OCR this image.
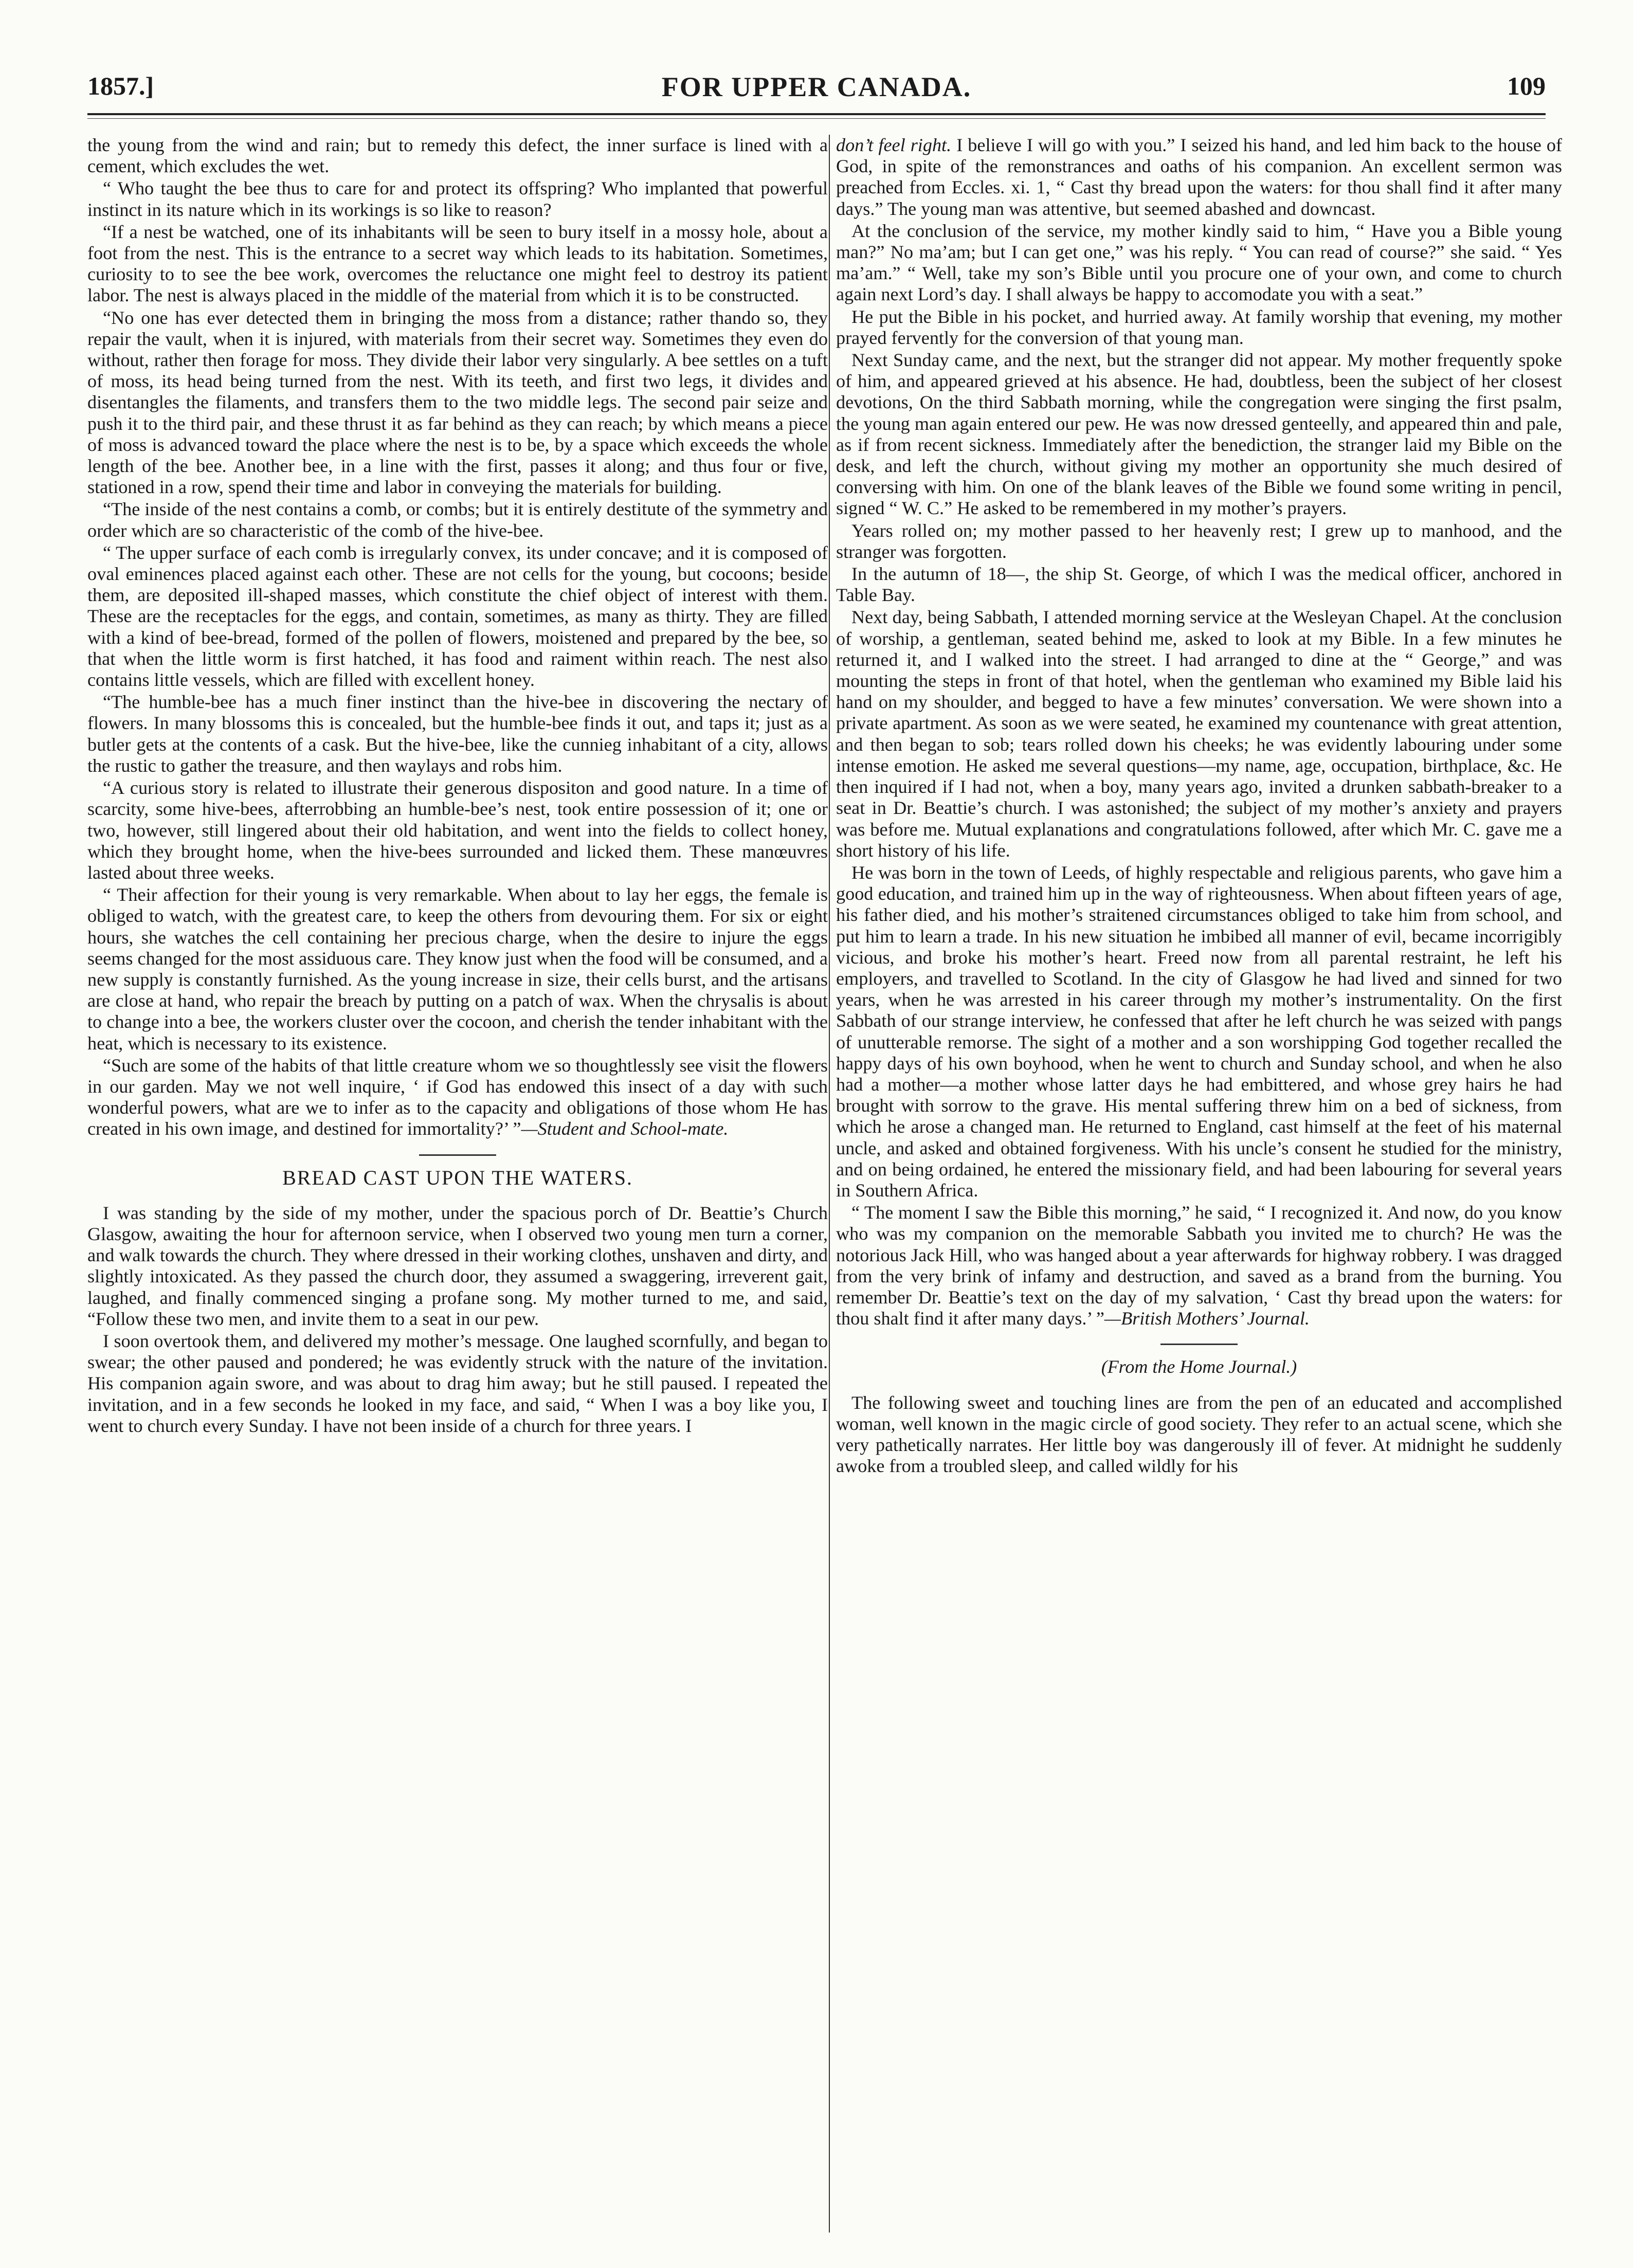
1857.]	FOR UPPER CANADA.	109

the young from the wind and rain; but to remedy this defect, the inner surface is lined with a cement, which excludes the wet.

“ Who taught the bee thus to care for and protect its offspring? Who implanted that powerful instinct in its nature which in its workings is so like to reason?

“If a nest be watched, one of its inhabitants will be seen to bury itself in a mossy hole, about a foot from the nest. This is the entrance to a secret way which leads to its habitation. Sometimes, curiosity to to see the bee work, overcomes the reluctance one might feel to destroy its patient labor. The nest is always placed in the middle of the material from which it is to be constructed.

“No one has ever detected them in bringing the moss from a distance; rather thando so, they repair the vault, when it is injured, with materials from their secret way. Sometimes they even do without, rather then forage for moss. They divide their labor very singularly. A bee settles on a tuft of moss, its head being turned from the nest. With its teeth, and first two legs, it divides and disentangles the filaments, and transfers them to the two middle legs. The second pair seize and push it to the third pair, and these thrust it as far behind as they can reach; by which means a piece of moss is advanced toward the place where the nest is to be, by a space which exceeds the whole length of the bee. Another bee, in a line with the first, passes it along; and thus four or five, stationed in a row, spend their time and labor in conveying the materials for building.

“The inside of the nest contains a comb, or combs; but it is entirely destitute of the symmetry and order which are so characteristic of the comb of the hive-bee.

“ The upper surface of each comb is irregularly convex, its under concave; and it is composed of oval eminences placed against each other. These are not cells for the young, but cocoons; beside them, are deposited ill-shaped masses, which constitute the chief object of interest with them. These are the receptacles for the eggs, and contain, sometimes, as many as thirty. They are filled with a kind of bee-bread, formed of the pollen of flowers, moistened and prepared by the bee, so that when the little worm is first hatched, it has food and raiment within reach. The nest also contains little vessels, which are filled with excellent honey.

“The humble-bee has a much finer instinct than the hive-bee in discovering the nectary of flowers. In many blossoms this is concealed, but the humble-bee finds it out, and taps it; just as a butler gets at the contents of a cask. But the hive-bee, like the cunnieg inhabitant of a city, allows the rustic to gather the treasure, and then waylays and robs him.

“A curious story is related to illustrate their generous dispositon and good nature. In a time of scarcity, some hive-bees, afterrobbing an humble-bee’s nest, took entire possession of it; one or two, however, still lingered about their old habitation, and went into the fields to collect honey, which they brought home, when the hive-bees surrounded and licked them. These manœuvres lasted about three weeks.

“ Their affection for their young is very remarkable. When about to lay her eggs, the female is obliged to watch, with the greatest care, to keep the others from devouring them. For six or eight hours, she watches the cell containing her precious charge, when the desire to injure the eggs seems changed for the most assiduous care. They know just when the food will be consumed, and a new supply is constantly furnished. As the young increase in size, their cells burst, and the artisans are close at hand, who repair the breach by putting on a patch of wax. When the chrysalis is about to change into a bee, the workers cluster over the cocoon, and cherish the tender inhabitant with the heat, which is necessary to its existence.

“Such are some of the habits of that little creature whom we so thoughtlessly see visit the flowers in our garden. May we not well inquire, ‘ if God has endowed this insect of a day with such wonderful powers, what are we to infer as to the capacity and obligations of those whom He has created in his own image, and destined for immortality?’ ”—Student and School-mate.

BREAD CAST UPON THE WATERS.

I was standing by the side of my mother, under the spacious porch of Dr. Beattie’s Church Glasgow, awaiting the hour for afternoon service, when I observed two young men turn a corner, and walk towards the church. They where dressed in their working clothes, unshaven and dirty, and slightly intoxicated. As they passed the church door, they assumed a swaggering, irreverent gait, laughed, and finally commenced singing a profane song. My mother turned to me, and said, “Follow these two men, and invite them to a seat in our pew.

I soon overtook them, and delivered my mother’s message. One laughed scornfully, and began to swear; the other paused and pondered; he was evidently struck with the nature of the invitation. His companion again swore, and was about to drag him away; but he still paused. I repeated the invitation, and in a few seconds he looked in my face, and said, “ When I was a boy like you, I went to church every Sunday. I have not been inside of a church for three years. I

don’t feel right. I believe I will go with you.” I seized his hand, and led him back to the house of God, in spite of the remonstrances and oaths of his companion. An excellent sermon was preached from Eccles. xi. 1, “ Cast thy bread upon the waters: for thou shall find it after many days.” The young man was attentive, but seemed abashed and downcast.

At the conclusion of the service, my mother kindly said to him, “ Have you a Bible young man?” No ma’am; but I can get one,” was his reply. “ You can read of course?” she said. “ Yes ma’am.” “ Well, take my son’s Bible until you procure one of your own, and come to church again next Lord’s day. I shall always be happy to accomodate you with a seat.”

He put the Bible in his pocket, and hurried away. At family worship that evening, my mother prayed fervently for the conversion of that young man.

Next Sunday came, and the next, but the stranger did not appear. My mother frequently spoke of him, and appeared grieved at his absence. He had, doubtless, been the subject of her closest devotions, On the third Sabbath morning, while the congregation were singing the first psalm, the young man again entered our pew. He was now dressed genteelly, and appeared thin and pale, as if from recent sickness. Immediately after the benediction, the stranger laid my Bible on the desk, and left the church, without giving my mother an opportunity she much desired of conversing with him. On one of the blank leaves of the Bible we found some writing in pencil, signed “ W. C.” He asked to be remembered in my mother’s prayers.

Years rolled on; my mother passed to her heavenly rest; I grew up to manhood, and the stranger was forgotten.

In the autumn of 18—, the ship St. George, of which I was the medical officer, anchored in Table Bay.

Next day, being Sabbath, I attended morning service at the Wesleyan Chapel. At the conclusion of worship, a gentleman, seated behind me, asked to look at my Bible. In a few minutes he returned it, and I walked into the street. I had arranged to dine at the “ George,” and was mounting the steps in front of that hotel, when the gentleman who examined my Bible laid his hand on my shoulder, and begged to have a few minutes’ conversation. We were shown into a private apartment. As soon as we were seated, he examined my countenance with great attention, and then began to sob; tears rolled down his cheeks; he was evidently labouring under some intense emotion. He asked me several questions—my name, age, occupation, birthplace, &c. He then inquired if I had not, when a boy, many years ago, invited a drunken sabbath-breaker to a seat in Dr. Beattie’s church. I was astonished; the subject of my mother’s anxiety and prayers was before me. Mutual explanations and congratulations followed, after which Mr. C. gave me a short history of his life.

He was born in the town of Leeds, of highly respectable and religious parents, who gave him a good education, and trained him up in the way of righteousness. When about fifteen years of age, his father died, and his mother’s straitened circumstances obliged to take him from school, and put him to learn a trade. In his new situation he imbibed all manner of evil, became incorrigibly vicious, and broke his mother’s heart. Freed now from all parental restraint, he left his employers, and travelled to Scotland. In the city of Glasgow he had lived and sinned for two years, when he was arrested in his career through my mother’s instrumentality. On the first Sabbath of our strange interview, he confessed that after he left church he was seized with pangs of unutterable remorse. The sight of a mother and a son worshipping God together recalled the happy days of his own boyhood, when he went to church and Sunday school, and when he also had a mother—a mother whose latter days he had embittered, and whose grey hairs he had brought with sorrow to the grave. His mental suffering threw him on a bed of sickness, from which he arose a changed man. He returned to England, cast himself at the feet of his maternal uncle, and asked and obtained forgiveness. With his uncle’s consent he studied for the ministry, and on being ordained, he entered the missionary field, and had been labouring for several years in Southern Africa.

“ The moment I saw the Bible this morning,” he said, “ I recognized it. And now, do you know who was my companion on the memorable Sabbath you invited me to church? He was the notorious Jack Hill, who was hanged about a year afterwards for highway robbery. I was dragged from the very brink of infamy and destruction, and saved as a brand from the burning. You remember Dr. Beattie’s text on the day of my salvation, ‘ Cast thy bread upon the waters: for thou shalt find it after many days.’ ”—British Mothers’ Journal.

(From the Home Journal.)

The following sweet and touching lines are from the pen of an educated and accomplished woman, well known in the magic circle of good society. They refer to an actual scene, which she very pathetically narrates. Her little boy was dangerously ill of fever. At midnight he suddenly awoke from a troubled sleep, and called wildly for his
